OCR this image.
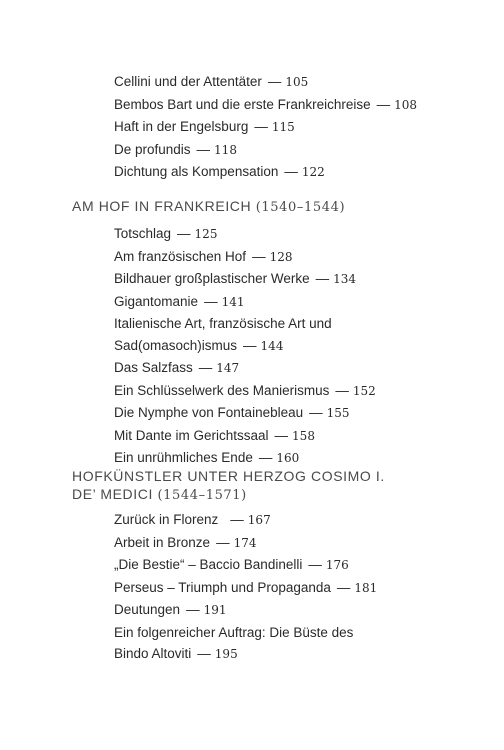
Cellini und der Attentäter — 105
Bembos Bart und die erste Frankreichreise — 108
Haft in der Engelsburg — 115
De profundis — 118
Dichtung als Kompensation — 122
AM HOF IN FRANKREICH (1540–1544)
Totschlag — 125
Am französischen Hof — 128
Bildhauer großplastischer Werke — 134
Gigantomanie — 141
Italienische Art, französische Art und
Sad(omasoch)ismus — 144
Das Salzfass — 147
Ein Schlüsselwerk des Manierismus — 152
Die Nymphe von Fontainebleau — 155
Mit Dante im Gerichtssaal — 158
Ein unrühmliches Ende — 160
HOFKÜNSTLER UNTER HERZOG COSIMO I.
DE’ MEDICI (1544–1571)
Zurück in Florenz — 167
Arbeit in Bronze — 174
„Die Bestie“ – Baccio Bandinelli — 176
Perseus – Triumph und Propaganda — 181
Deutungen — 191
Ein folgenreicher Auftrag: Die Büste des
Bindo Altoviti — 195
